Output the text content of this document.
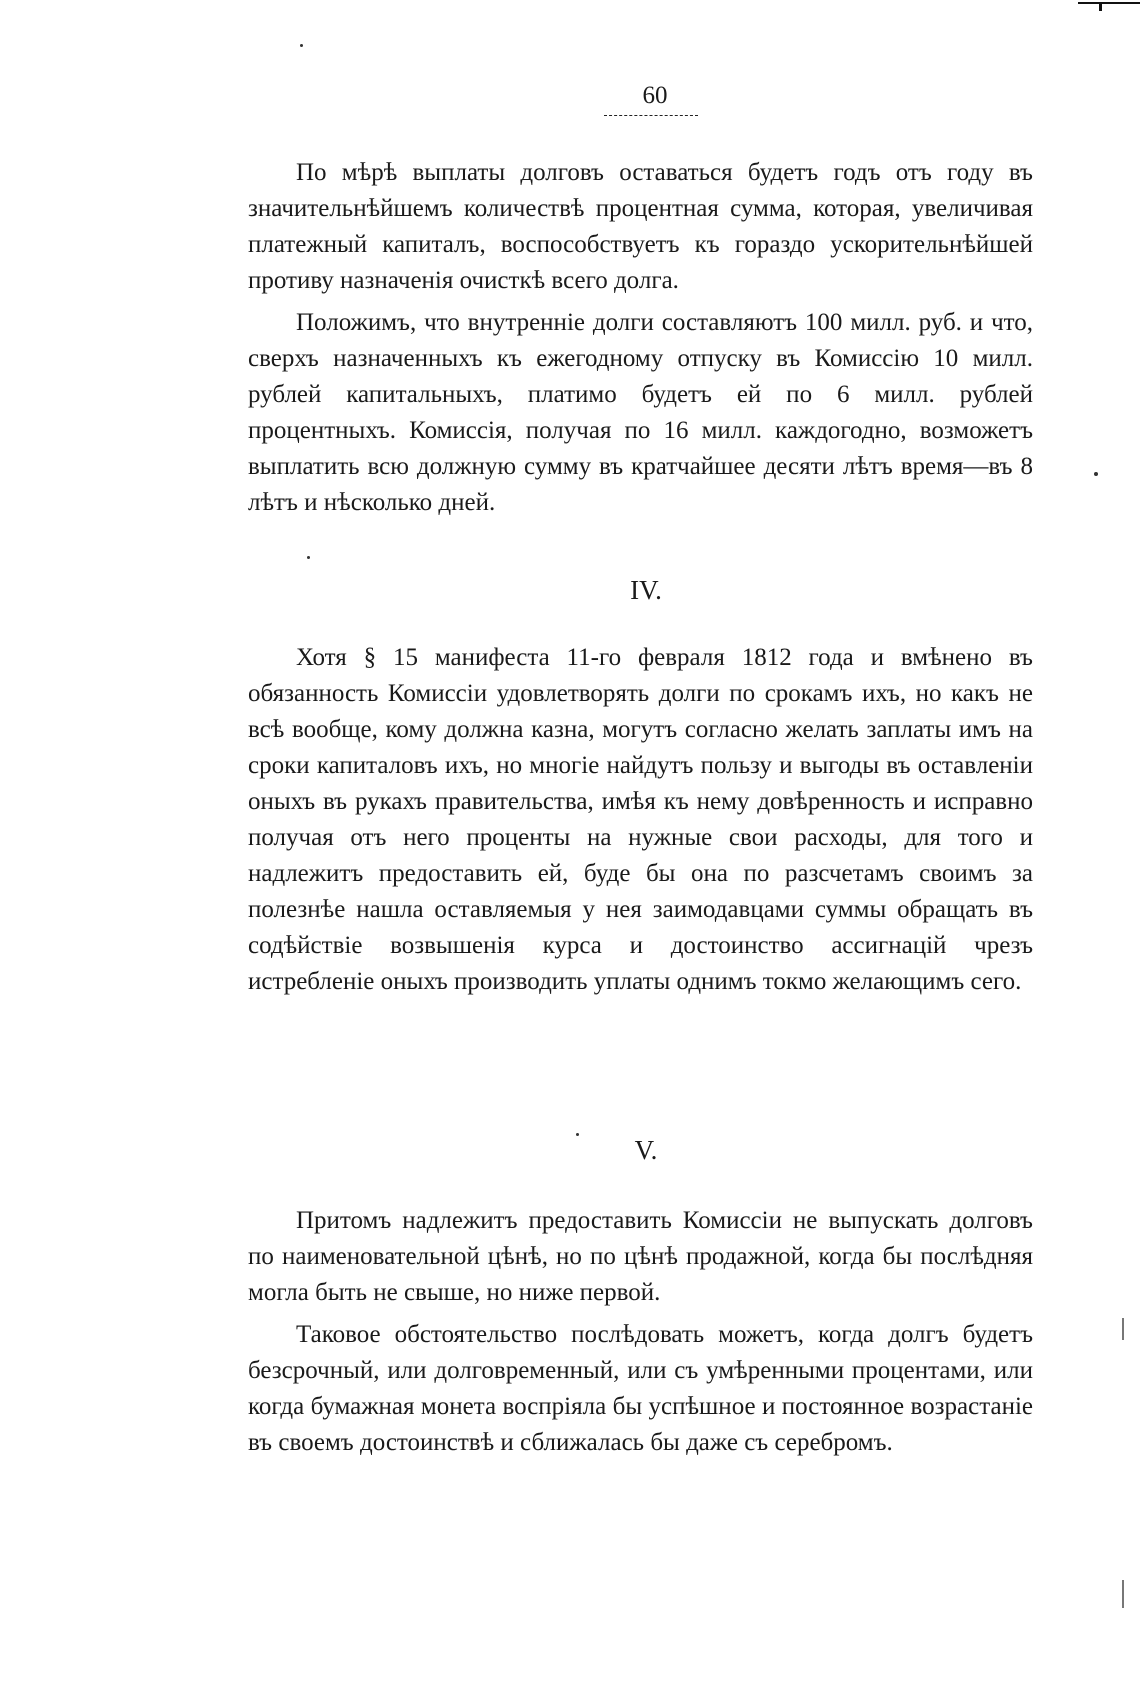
60

По мѣрѣ выплаты долговъ оставаться будетъ годъ отъ году въ значительнѣйшемъ количествѣ процентная сумма, которая, увеличивая платежный капиталъ, воспособствуетъ къ гораздо ускорительнѣйшей противу назначенія очисткѣ всего долга.

Положимъ, что внутренніе долги составляютъ 100 милл. руб. и что, сверхъ назначенныхъ къ ежегодному отпуску въ Комиссію 10 милл. рублей капитальныхъ, платимо будетъ ей по 6 милл. рублей процентныхъ. Комиссія, получая по 16 милл. каждогодно, возможетъ выплатить всю должную сумму въ кратчайшее десяти лѣтъ время—въ 8 лѣтъ и нѣсколько дней.

IV.

Хотя § 15 манифеста 11-го февраля 1812 года и вмѣнено въ обязанность Комиссіи удовлетворять долги по срокамъ ихъ, но какъ не всѣ вообще, кому должна казна, могутъ согласно желать заплаты имъ на сроки капиталовъ ихъ, но многіе найдутъ пользу и выгоды въ оставленіи оныхъ въ рукахъ правительства, имѣя къ нему довѣренность и исправно получая отъ него проценты на нужные свои расходы, для того и надлежитъ предоставить ей, буде бы она по разсчетамъ своимъ за полезнѣе нашла оставляемыя у нея заимодавцами суммы обращать въ содѣйствіе возвышенія курса и достоинство ассигнацій чрезъ истребленіе оныхъ производить уплаты однимъ токмо желающимъ сего.

V.

Притомъ надлежитъ предоставить Комиссіи не выпускать долговъ по наименовательной цѣнѣ, но по цѣнѣ продажной, когда бы послѣдняя могла быть не свыше, но ниже первой.

Таковое обстоятельство послѣдовать можетъ, когда долгъ будетъ безсрочный, или долговременный, или съ умѣренными процентами, или когда бумажная монета воспріяла бы успѣшное и постоянное возрастаніе въ своемъ достоинствѣ и сближалась бы даже съ серебромъ.
